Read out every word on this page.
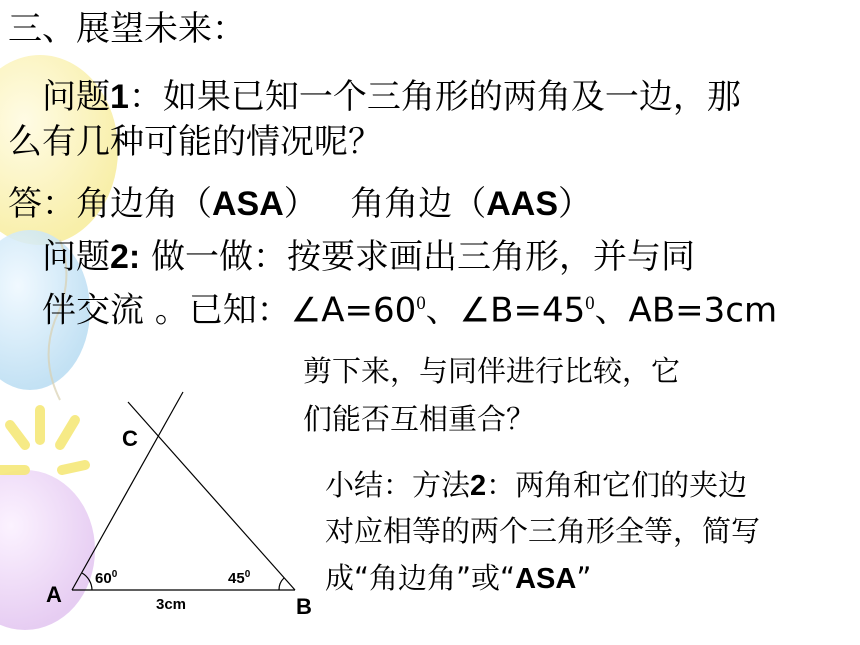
三、展望未来：
问题1：如果已知一个三角形的两角及一边，那
么有几种可能的情况呢？
答：角边角（ASA）   角角边（AAS）
问题2: 做一做：按要求画出三角形，并与同
伴交流 。已知：$\angle A=60^0$、$\angle B=45^0$、AB=3cm
剪下来，与同伴进行比较，它
们能否互相重合？
小结：方法2：两角和它们的夹边
对应相等的两个三角形全等，简写
成“角边角”或“ASA”
C
A	B
$60^0$	$45^0$
3cm
